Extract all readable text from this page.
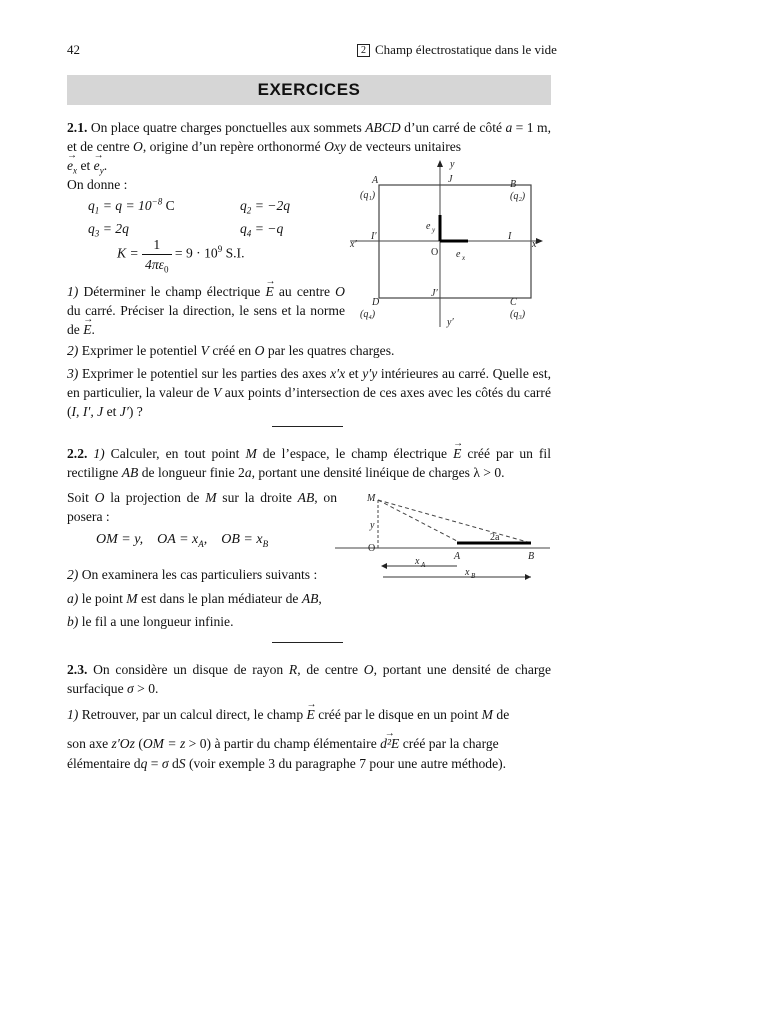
42	2 Champ électrostatique dans le vide
EXERCICES
2.1. On place quatre charges ponctuelles aux sommets ABCD d’un carré de côté a = 1 m, et de centre O, origine d’un repère orthonormé Oxy de vecteurs unitaires
→ $e_x$ et → $e_y$.
On donne :
$q_1 = q = 10^{-8}$ C	$q_2 = -2q$
$q_3 = 2q$	$q_4 = -q$
$K = \frac{1}{4\pi\varepsilon_0} = 9 \cdot 10^9$ S.I.
1) Déterminer le champ électrique → E au centre O du carré. Préciser la direction, le sens et la norme de → E.
2) Exprimer le potentiel V créé en O par les quatres charges.
3) Exprimer le potentiel sur les parties des axes x′x et y′y intérieures au carré. Quelle est, en particulier, la valeur de V aux points d’intersection de ces axes avec les côtés du carré (I, I′, J et J′) ?
A
(q₁)
B
(q₂)
C
(q₃)
D
(q₄)
J
J′
I
I′
x
x′
y
y′
O e x
e y
2.2. 1) Calculer, en tout point M de l’espace, le champ électrique → E créé par un fil rectiligne AB de longueur finie 2a, portant une densité linéique de charges λ > 0.
Soit O la projection de M sur la droite AB, on posera :
OM = y, OA = $x_A$, OB = $x_B$
2) On examinera les cas particuliers suivants :
a) le point M est dans le plan médiateur de AB,
b) le fil a une longueur infinie.
M
y
O
A	B
2a
x A
x B
2.3. On considère un disque de rayon R, de centre O, portant une densité de charge surfacique σ > 0.
1) Retrouver, par un calcul direct, le champ → E créé par le disque en un point M de
son axe z′Oz (OM = z > 0) à partir du champ élémentaire → d²E créé par la charge
élémentaire dq = σ dS (voir exemple 3 du paragraphe 7 pour une autre méthode).
